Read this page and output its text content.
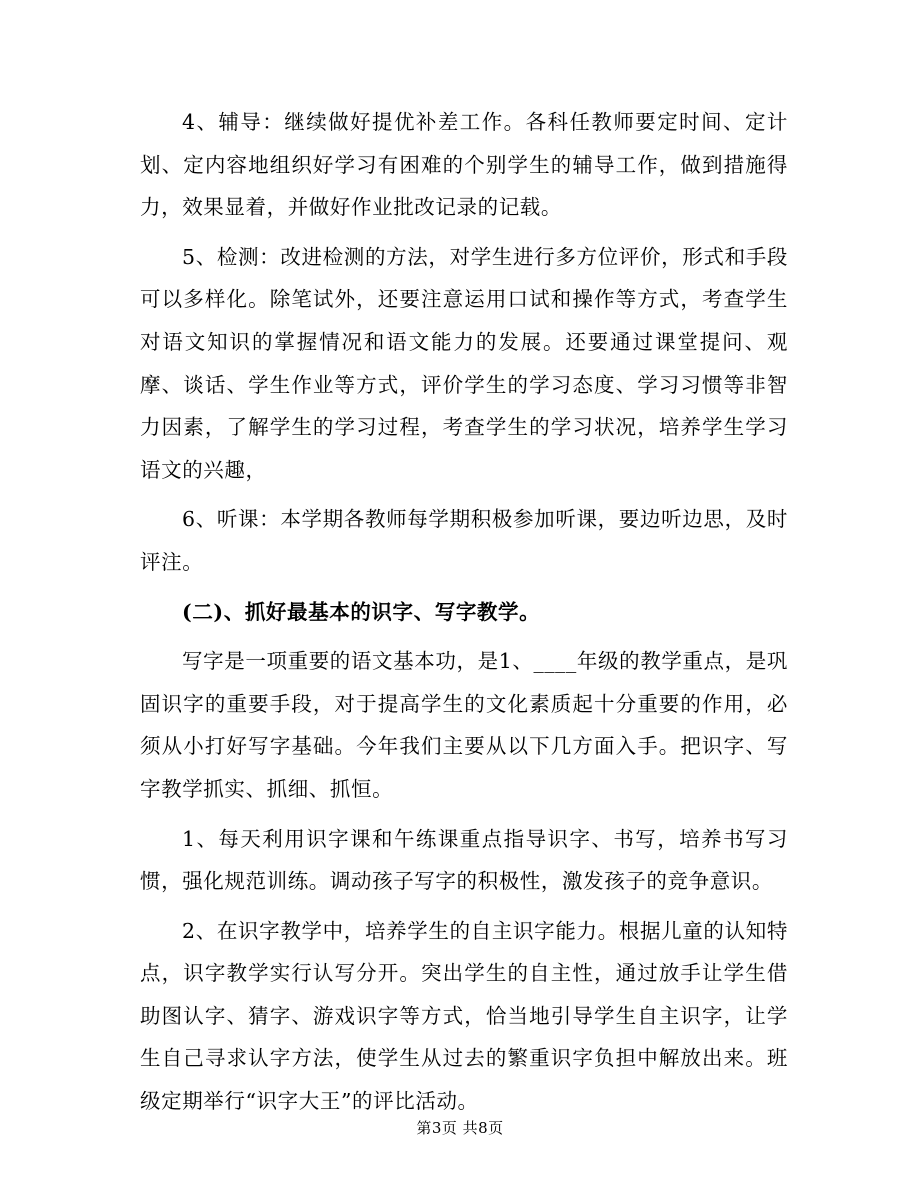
4、辅导：继续做好提优补差工作。各科任教师要定时间、定计划、定内容地组织好学习有困难的个别学生的辅导工作，做到措施得力，效果显着，并做好作业批改记录的记载。

5、检测：改进检测的方法，对学生进行多方位评价，形式和手段可以多样化。除笔试外，还要注意运用口试和操作等方式，考查学生对语文知识的掌握情况和语文能力的发展。还要通过课堂提问、观摩、谈话、学生作业等方式，评价学生的学习态度、学习习惯等非智力因素，了解学生的学习过程，考查学生的学习状况，培养学生学习语文的兴趣，

6、听课：本学期各教师每学期积极参加听课，要边听边思，及时评注。

(二)、抓好最基本的识字、写字教学。

写字是一项重要的语文基本功，是1、____年级的教学重点，是巩固识字的重要手段，对于提高学生的文化素质起十分重要的作用，必须从小打好写字基础。今年我们主要从以下几方面入手。把识字、写字教学抓实、抓细、抓恒。

1、每天利用识字课和午练课重点指导识字、书写，培养书写习惯，强化规范训练。调动孩子写字的积极性，激发孩子的竞争意识。

2、在识字教学中，培养学生的自主识字能力。根据儿童的认知特点，识字教学实行认写分开。突出学生的自主性，通过放手让学生借助图认字、猜字、游戏识字等方式，恰当地引导学生自主识字，让学生自己寻求认字方法，使学生从过去的繁重识字负担中解放出来。班级定期举行“识字大王”的评比活动。

第3页 共8页
